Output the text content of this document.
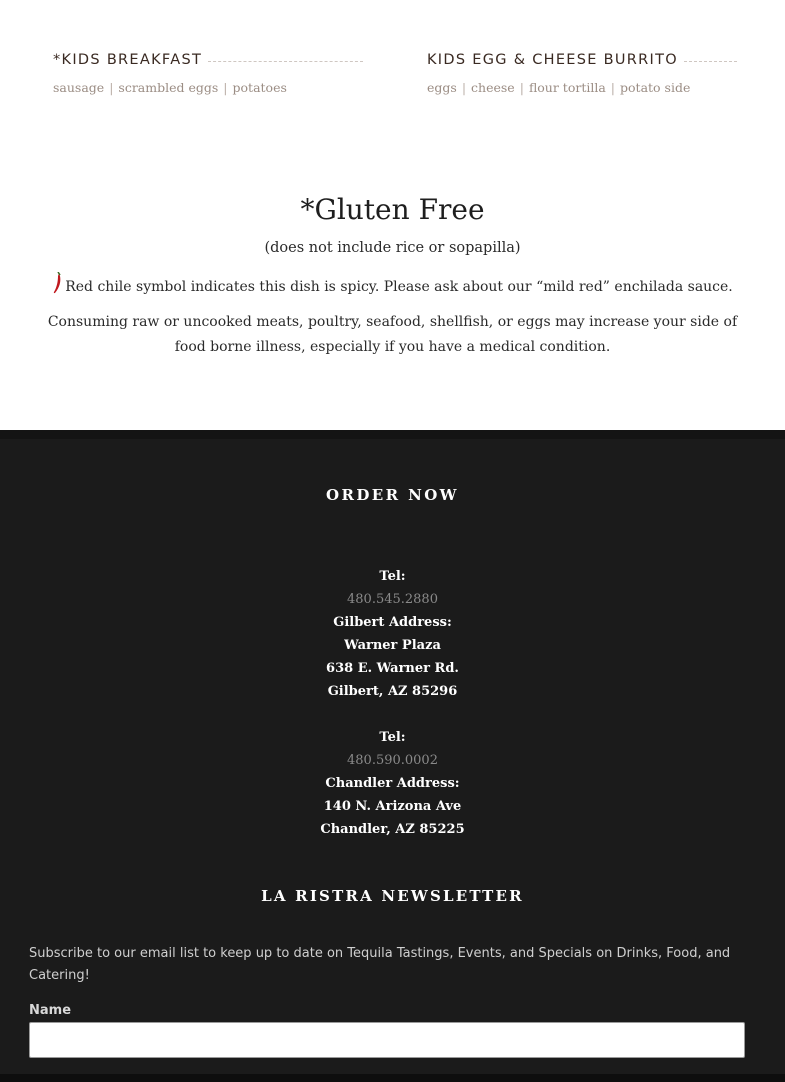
*KIDS BREAKFAST
sausage | scrambled eggs | potatoes
KIDS EGG & CHEESE BURRITO
eggs | cheese | flour tortilla | potato side
*Gluten Free
(does not include rice or sopapilla)
Red chile symbol indicates this dish is spicy. Please ask about our “mild red” enchilada sauce.
Consuming raw or uncooked meats, poultry, seafood, shellfish, or eggs may increase your side of food borne illness, especially if you have a medical condition.
ORDER NOW
Tel:
480.545.2880
Gilbert Address:
Warner Plaza
638 E. Warner Rd.
Gilbert, AZ 85296
Tel:
480.590.0002
Chandler Address:
140 N. Arizona Ave
Chandler, AZ 85225
LA RISTRA NEWSLETTER
Subscribe to our email list to keep up to date on Tequila Tastings, Events, and Specials on Drinks, Food, and Catering!
Name
